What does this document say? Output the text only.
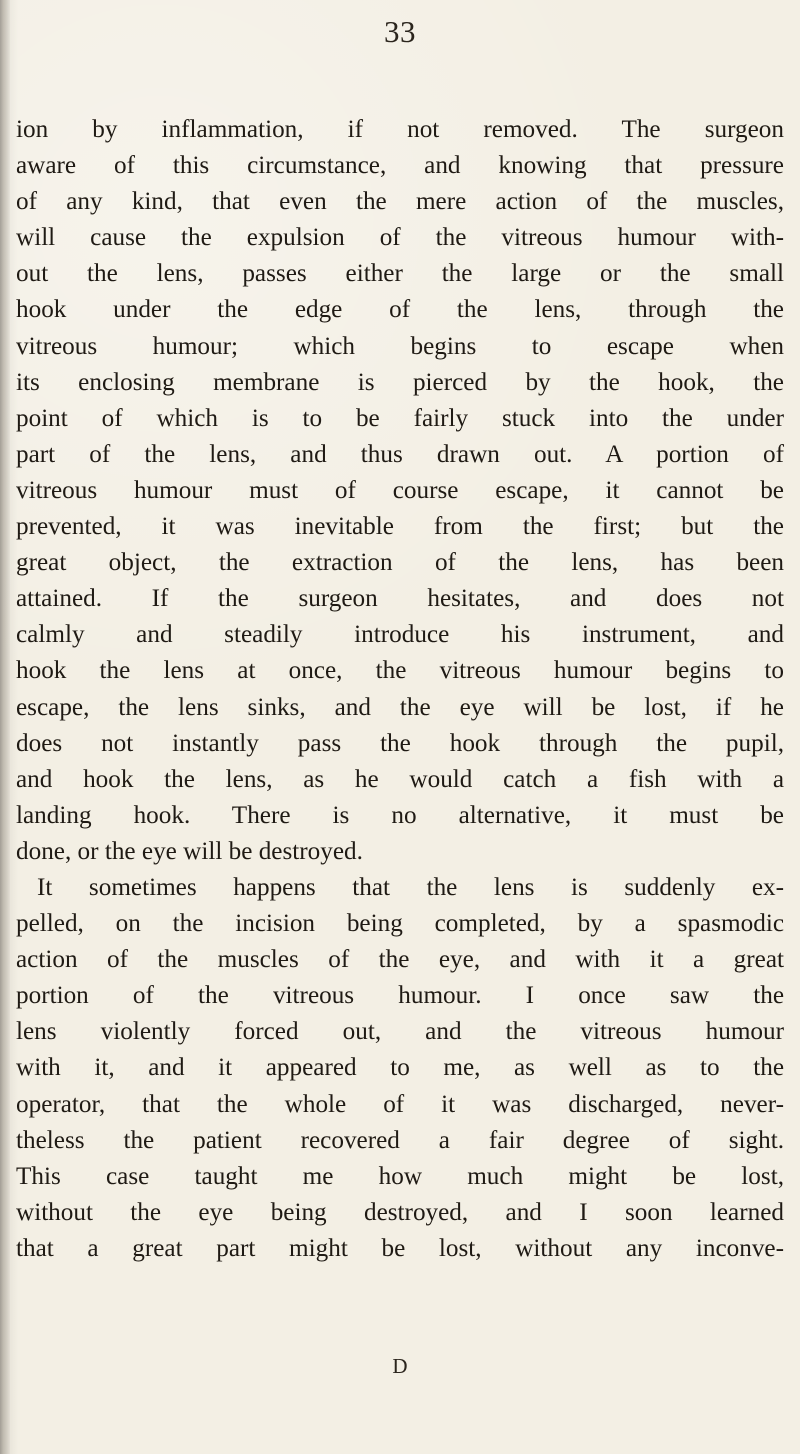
33
ion by inflammation, if not removed. The surgeon
aware of this circumstance, and knowing that pressure
of any kind, that even the mere action of the muscles,
will cause the expulsion of the vitreous humour with-
out the lens, passes either the large or the small
hook under the edge of the lens, through the
vitreous humour; which begins to escape when
its enclosing membrane is pierced by the hook, the
point of which is to be fairly stuck into the under
part of the lens, and thus drawn out. A portion of
vitreous humour must of course escape, it cannot be
prevented, it was inevitable from the first; but the
great object, the extraction of the lens, has been
attained. If the surgeon hesitates, and does not
calmly and steadily introduce his instrument, and
hook the lens at once, the vitreous humour begins to
escape, the lens sinks, and the eye will be lost, if he
does not instantly pass the hook through the pupil,
and hook the lens, as he would catch a fish with a
landing hook. There is no alternative, it must be
done, or the eye will be destroyed.
It sometimes happens that the lens is suddenly ex-
pelled, on the incision being completed, by a spasmodic
action of the muscles of the eye, and with it a great
portion of the vitreous humour. I once saw the
lens violently forced out, and the vitreous humour
with it, and it appeared to me, as well as to the
operator, that the whole of it was discharged, never-
theless the patient recovered a fair degree of sight.
This case taught me how much might be lost,
without the eye being destroyed, and I soon learned
that a great part might be lost, without any inconve-
D
